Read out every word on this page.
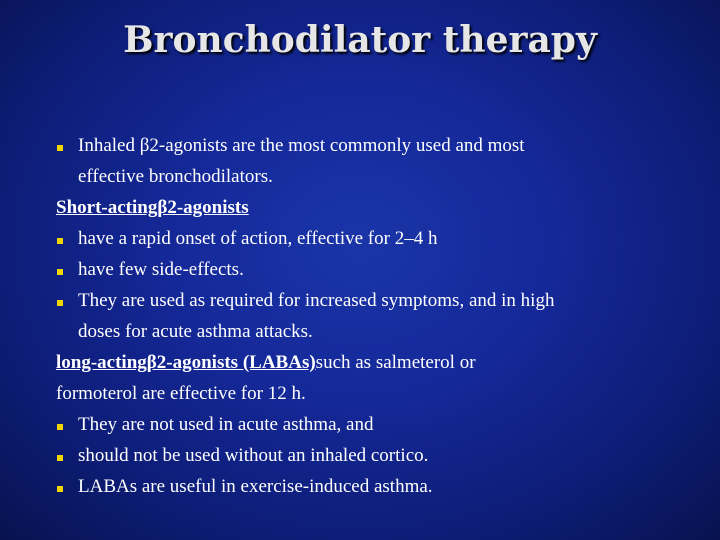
Bronchodilator therapy
Inhaled β2-agonists are the most commonly used and most
effective bronchodilators.
Short-actingβ2-agonists
have a rapid onset of action, effective for 2–4 h
have few side-effects.
They are used as required for increased symptoms, and in high
doses for acute asthma attacks.
long-actingβ2-agonists (LABAs)such as salmeterol or
formoterol are effective for 12 h.
They are not used in acute asthma, and
should not be used without an inhaled cortico.
LABAs are useful in exercise-induced asthma.
